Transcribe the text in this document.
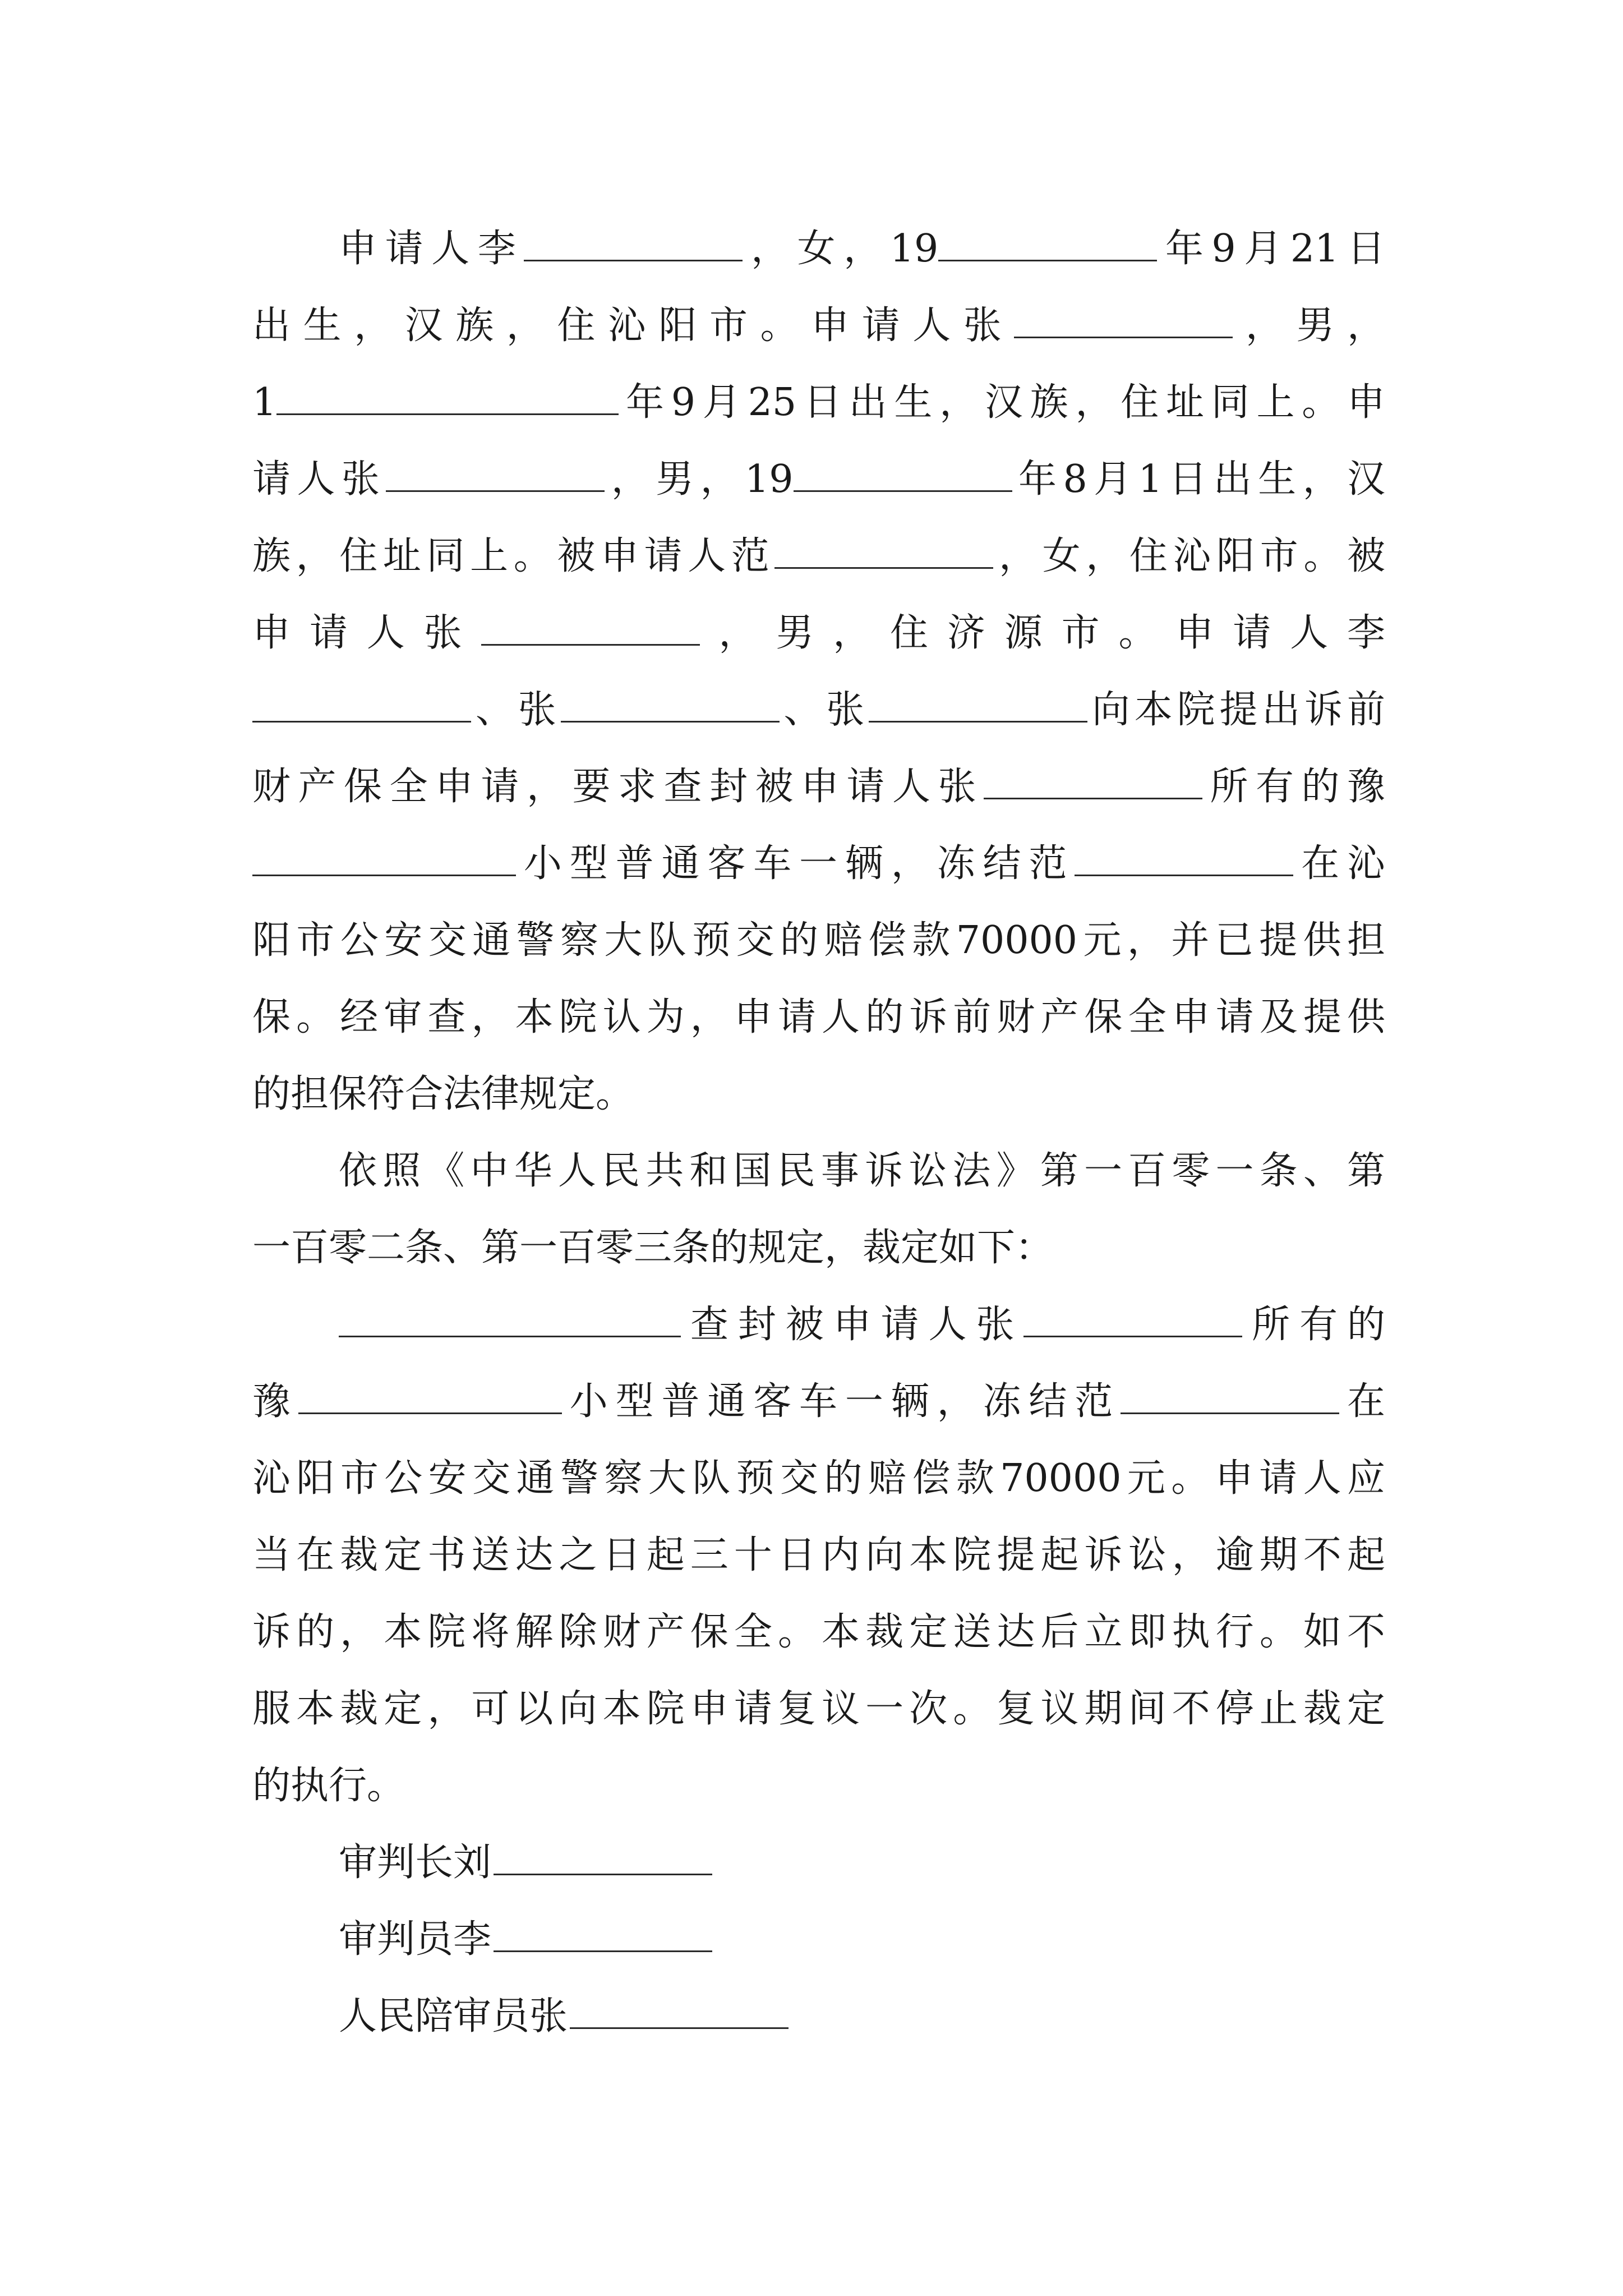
申请人李	，女，19	年9月21日
出生，汉族，住沁阳市。申请人张	，男，
1	年9月25日出生，汉族，住址同上。申
请人张	，男，19	年8月1日出生，汉
族，住址同上。被申请人范	，女，住沁阳市。被
申请人张	，男，住济源市。申请人李
、张	、张	向本院提出诉前
财产保全申请，要求查封被申请人张	所有的豫
小型普通客车一辆，冻结范	在沁
阳市公安交通警察大队预交的赔偿款70000元，并已提供担
保。经审查，本院认为，申请人的诉前财产保全申请及提供
的担保符合法律规定。
依照《中华人民共和国民事诉讼法》第一百零一条、第
一百零二条、第一百零三条的规定，裁定如下：
查封被申请人张	所有的
豫	小型普通客车一辆，冻结范	在
沁阳市公安交通警察大队预交的赔偿款70000元。申请人应
当在裁定书送达之日起三十日内向本院提起诉讼，逾期不起
诉的，本院将解除财产保全。本裁定送达后立即执行。如不
服本裁定，可以向本院申请复议一次。复议期间不停止裁定
的执行。
审判长刘
审判员李
人民陪审员张
